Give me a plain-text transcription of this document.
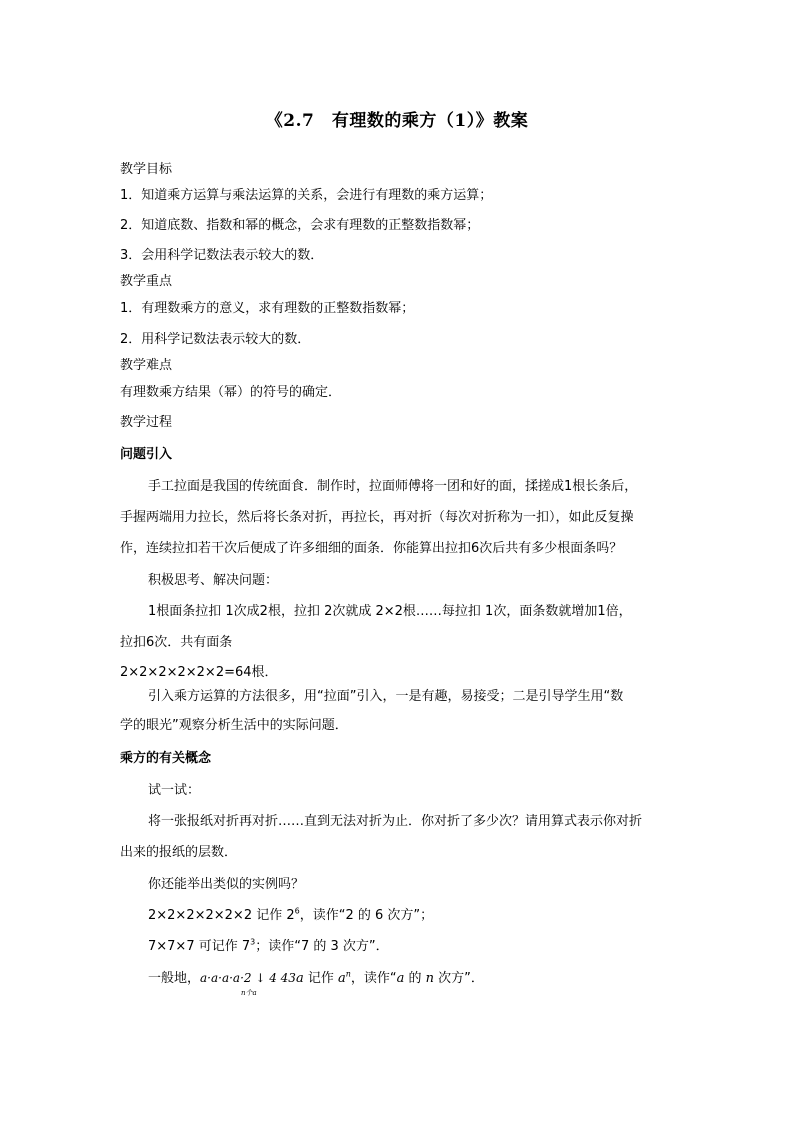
《2.7　有理数的乘方（1）》教案
教学目标
1．知道乘方运算与乘法运算的关系，会进行有理数的乘方运算；
2．知道底数、指数和幂的概念，会求有理数的正整数指数幂；
3．会用科学记数法表示较大的数．
教学重点
1．有理数乘方的意义，求有理数的正整数指数幂；
2．用科学记数法表示较大的数．
教学难点
有理数乘方结果（幂）的符号的确定．
教学过程
问题引入
手工拉面是我国的传统面食．制作时，拉面师傅将一团和好的面，揉搓成1根长条后，
手握两端用力拉长，然后将长条对折，再拉长，再对折（每次对折称为一扣），如此反复操
作，连续拉扣若干次后便成了许多细细的面条．你能算出拉扣6次后共有多少根面条吗？
积极思考、解决问题：
1根面条拉扣 1次成2根，拉扣 2次就成 2×2根……每拉扣 1次，面条数就增加1倍，
拉扣6次．共有面条
2×2×2×2×2×2=64根．
引入乘方运算的方法很多，用“拉面”引入，一是有趣，易接受；二是引导学生用“数
学的眼光”观察分析生活中的实际问题．
乘方的有关概念
试一试：
将一张报纸对折再对折……直到无法对折为止．你对折了多少次？请用算式表示你对折
出来的报纸的层数．
你还能举出类似的实例吗？
2×2×2×2×2×2 记作 $2^6$，读作“2 的 6 次方”；
7×7×7 可记作 $7^3$；读作“7 的 3 次方”．
一般地，a·a·a·a·2 ↓ 4 43a 记作 $a^n$，读作“a 的 n 次方”．
n个a
